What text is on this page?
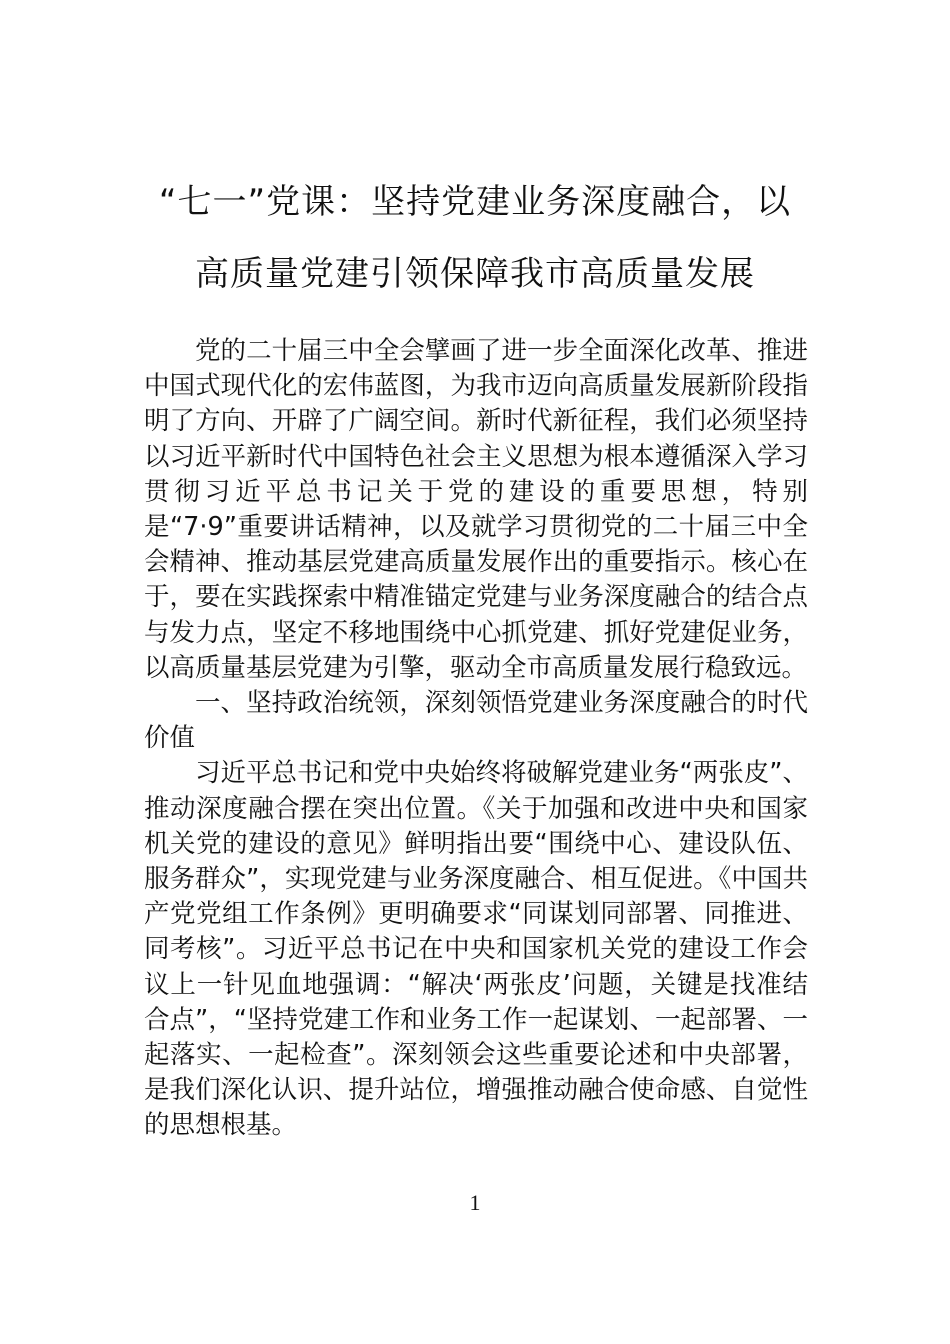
“七一”党课：坚持党建业务深度融合，以
高质量党建引领保障我市高质量发展

党的二十届三中全会擘画了进一步全面深化改革、推进中国式现代化的宏伟蓝图，为我市迈向高质量发展新阶段指明了方向、开辟了广阔空间。新时代新征程，我们必须坚持以习近平新时代中国特色社会主义思想为根本遵循深入学习贯彻习近平总书记关于党的建设的重要思想，特别是“7·9”重要讲话精神，以及就学习贯彻党的二十届三中全会精神、推动基层党建高质量发展作出的重要指示。核心在于，要在实践探索中精准锚定党建与业务深度融合的结合点与发力点，坚定不移地围绕中心抓党建、抓好党建促业务，以高质量基层党建为引擎，驱动全市高质量发展行稳致远。

一、坚持政治统领，深刻领悟党建业务深度融合的时代价值

习近平总书记和党中央始终将破解党建业务“两张皮”、推动深度融合摆在突出位置。《关于加强和改进中央和国家机关党的建设的意见》鲜明指出要“围绕中心、建设队伍、服务群众”，实现党建与业务深度融合、相互促进。《中国共产党党组工作条例》更明确要求“同谋划同部署、同推进、同考核”。习近平总书记在中央和国家机关党的建设工作会议上一针见血地强调：“解决‘两张皮’问题，关键是找准结合点”，“坚持党建工作和业务工作一起谋划、一起部署、一起落实、一起检查”。深刻领会这些重要论述和中央部署，是我们深化认识、提升站位，增强推动融合使命感、自觉性的思想根基。

1
